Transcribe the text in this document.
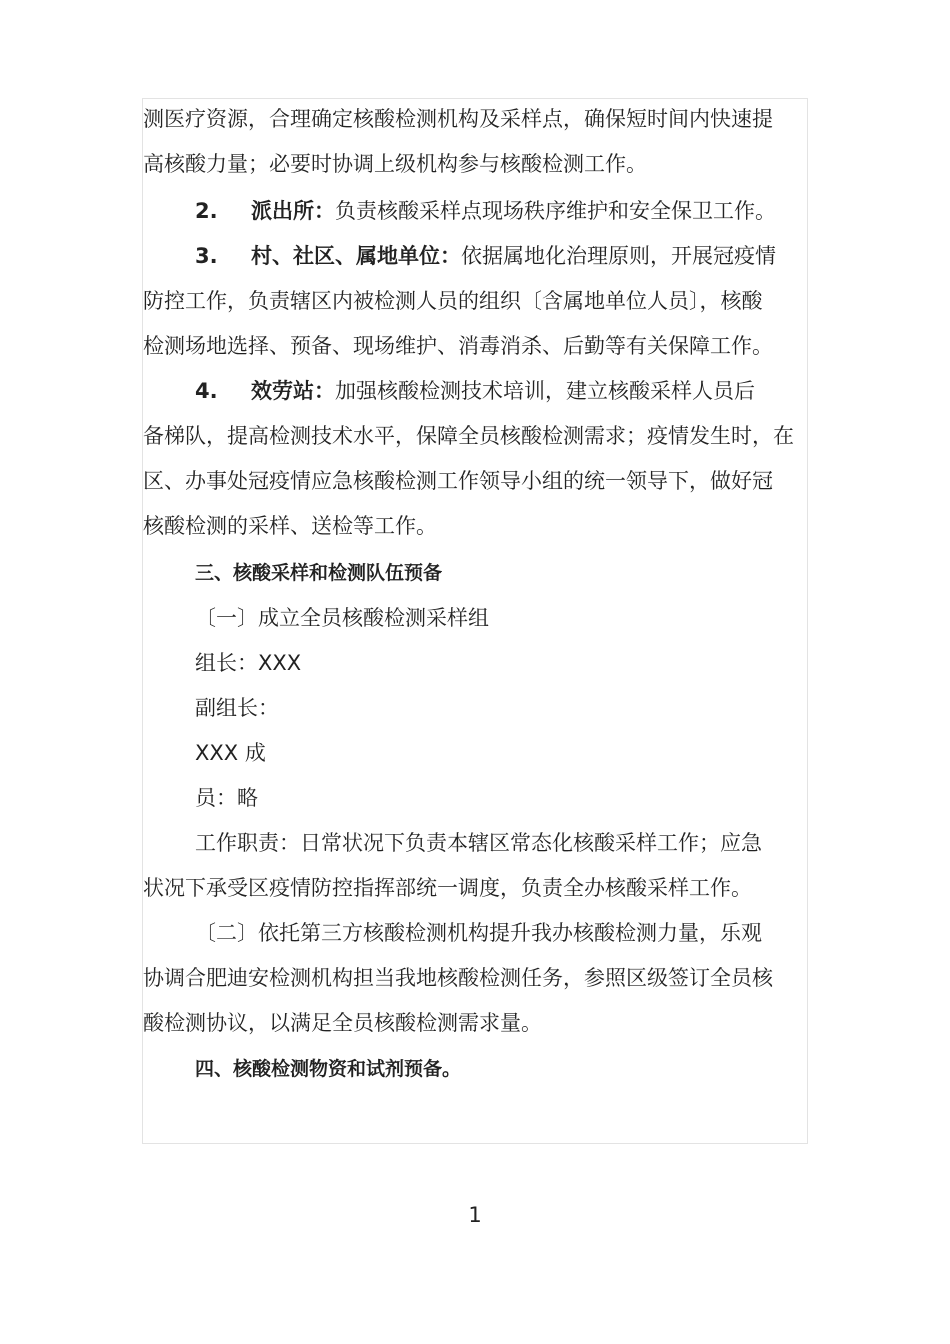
测医疗资源，合理确定核酸检测机构及采样点，确保短时间内快速提
高核酸力量；必要时协调上级机构参与核酸检测工作。
2. 派出所：负责核酸采样点现场秩序维护和安全保卫工作。
3. 村、社区、属地单位：依据属地化治理原则，开展冠疫情
防控工作，负责辖区内被检测人员的组织〔含属地单位人员〕，核酸
检测场地选择、预备、现场维护、消毒消杀、后勤等有关保障工作。
4. 效劳站：加强核酸检测技术培训，建立核酸采样人员后
备梯队，提高检测技术水平，保障全员核酸检测需求；疫情发生时，在
区、办事处冠疫情应急核酸检测工作领导小组的统一领导下，做好冠
核酸检测的采样、送检等工作。
三、核酸采样和检测队伍预备
〔一〕成立全员核酸检测采样组
组长：XXX
副组长：
XXX 成
员：略
工作职责：日常状况下负责本辖区常态化核酸采样工作；应急
状况下承受区疫情防控指挥部统一调度，负责全办核酸采样工作。
〔二〕依托第三方核酸检测机构提升我办核酸检测力量，乐观
协调合肥迪安检测机构担当我地核酸检测任务，参照区级签订全员核
酸检测协议，以满足全员核酸检测需求量。
四、核酸检测物资和试剂预备。
1
